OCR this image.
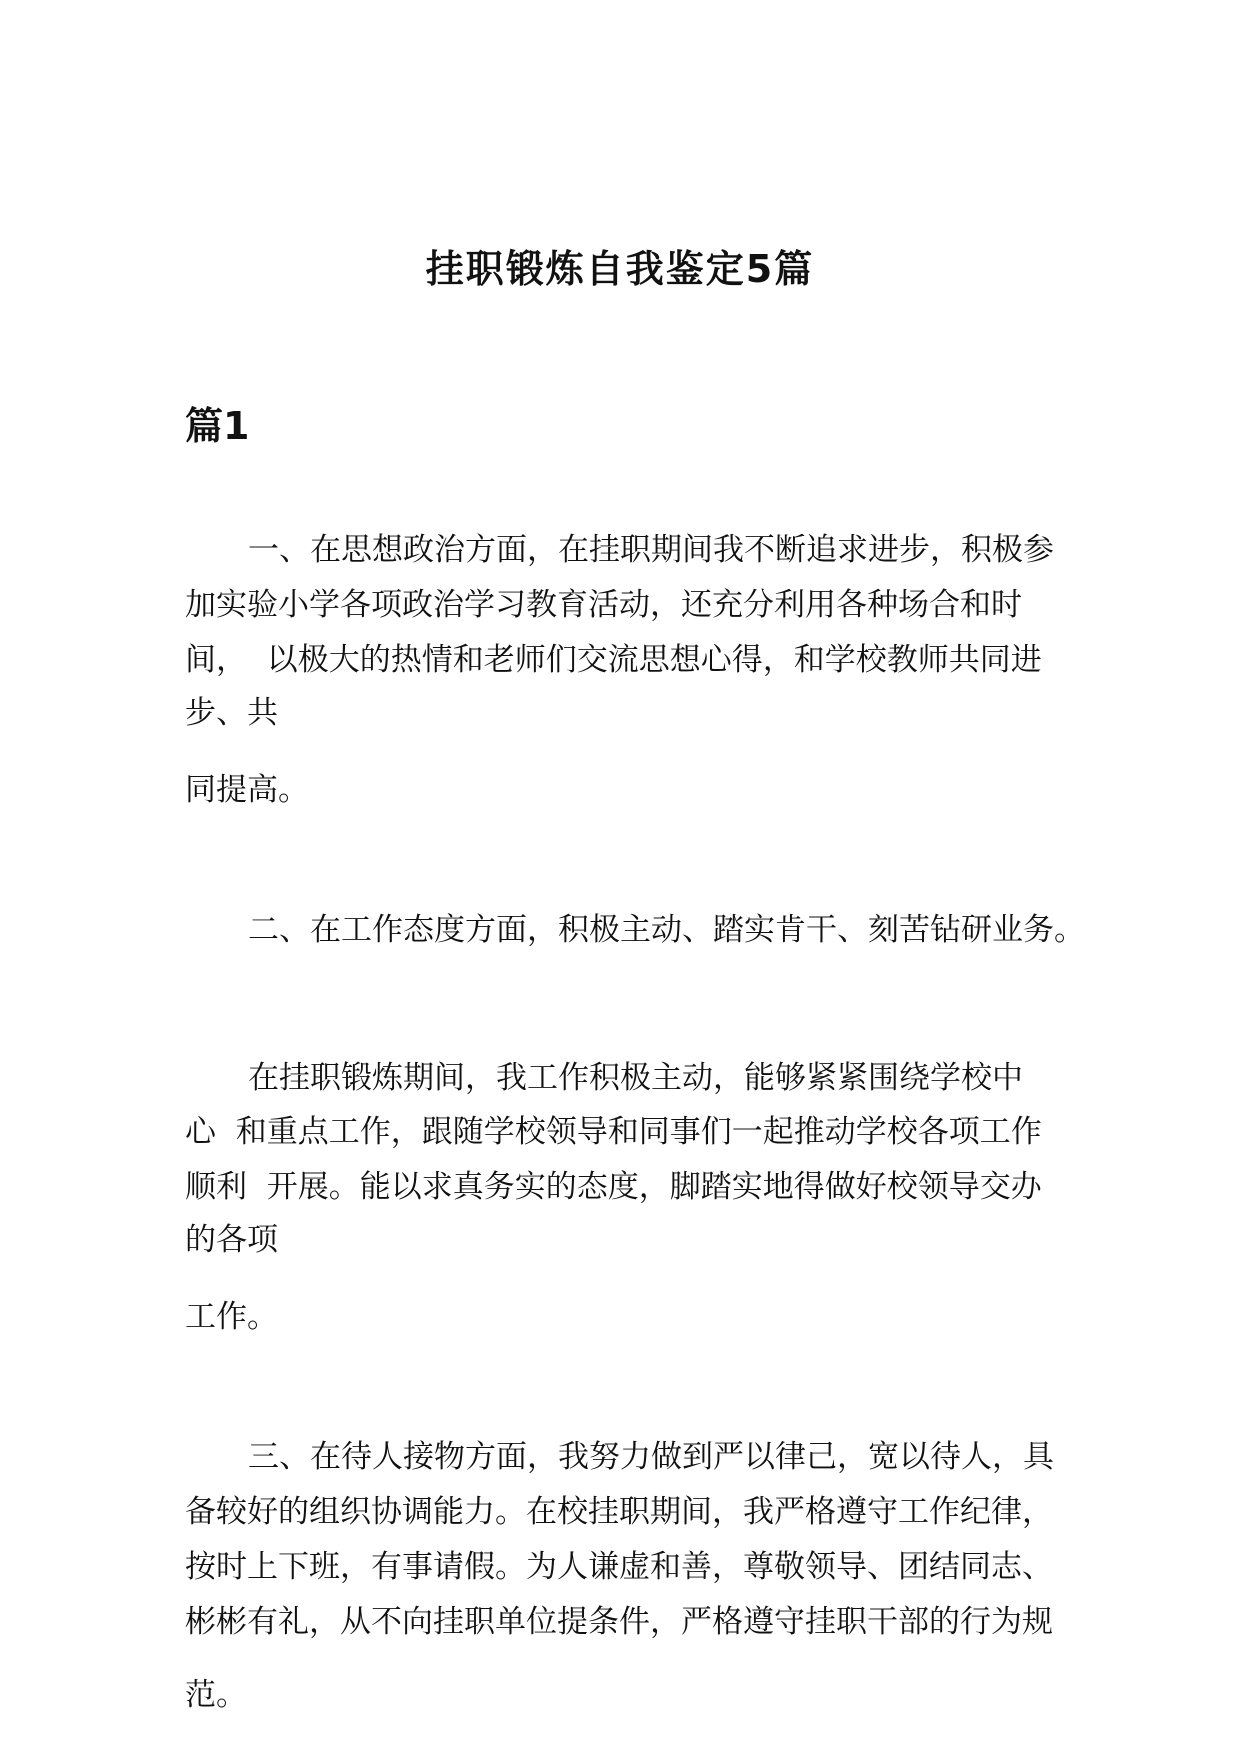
挂职锻炼自我鉴定5篇
篇1
一、在思想政治方面，在挂职期间我不断追求进步，积极参
加实验小学各项政治学习教育活动，还充分利用各种场合和时
间，  以极大的热情和老师们交流思想心得，和学校教师共同进
步、共
同提高。
二、在工作态度方面，积极主动、踏实肯干、刻苦钻研业务。
在挂职锻炼期间，我工作积极主动，能够紧紧围绕学校中
心  和重点工作，跟随学校领导和同事们一起推动学校各项工作
顺利  开展。能以求真务实的态度，脚踏实地得做好校领导交办
的各项
工作。
三、在待人接物方面，我努力做到严以律己，宽以待人，具
备较好的组织协调能力。在校挂职期间，我严格遵守工作纪律，
按时上下班，有事请假。为人谦虚和善，尊敬领导、团结同志、
彬彬有礼，从不向挂职单位提条件，严格遵守挂职干部的行为规
范。
